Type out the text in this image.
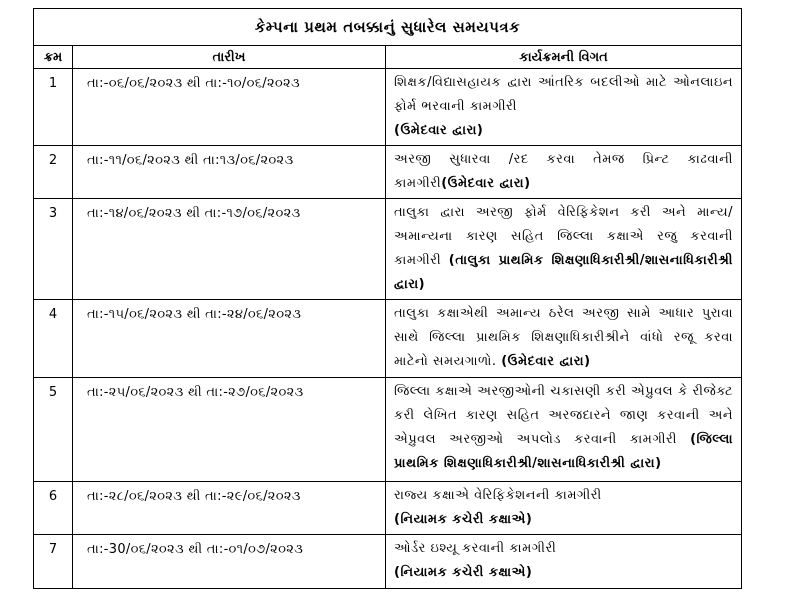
કેમ્પના પ્રથમ તબક્કાનું સુધારેલ સમયપત્રક		
ક્રમ	તારીખ	કાર્યક્રમની વિગત
1	તા:-૦૬/૦૬/૨૦૨૩ થી તા:-૧૦/૦૬/૨૦૨૩	શિક્ષક/વિદ્યાસહાયક દ્વારા આંતરિક બદલીઓ માટે ઓનલાઇન ફોર્મ ભરવાની કામગીરી
(ઉમેદવાર દ્વારા)
2	તા:-૧૧/૦૬/૨૦૨૩ થી તા:૧૩/૦૬/૨૦૨૩	અરજી સુધારવા /રદ કરવા તેમજ પ્રિન્ટ કાઢવાની કામગીરી(ઉમેદવાર દ્વારા)
3	તા:-૧૪/૦૬/૨૦૨૩ થી તા:-૧૭/૦૬/૨૦૨૩	તાલુકા દ્વારા અરજી ફોર્મ વેરિફિકેશન કરી અને માન્ય/અમાન્યના કારણ સહિત જિલ્લા કક્ષાએ રજુ કરવાની કામગીરી (તાલુકા પ્રાથમિક શિક્ષણાધિકારીશ્રી/શાસનાધિકારીશ્રી દ્વારા)
4	તા:-૧૫/૦૬/૨૦૨૩ થી તા:-૨૪/૦૬/૨૦૨૩	તાલુકા કક્ષાએથી અમાન્ય ઠરેલ અરજી સામે આધાર પુરાવા સાથે જિલ્લા પ્રાથમિક શિક્ષણાધિકારીશ્રીને વાંધો રજૂ કરવા માટેનો સમયગાળો. (ઉમેદવાર દ્વારા)
5	તા:-૨૫/૦૬/૨૦૨૩ થી તા:-૨૭/૦૬/૨૦૨૩	જિલ્લા કક્ષાએ અરજીઓની ચકાસણી કરી એપ્રુવલ કે રીજેક્ટ કરી લેખિત કારણ સહિત અરજદારને જાણ કરવાની અને એપ્રુવલ અરજીઓ અપલોડ કરવાની કામગીરી (જિલ્લા પ્રાથમિક શિક્ષણાધિકારીશ્રી/શાસનાધિકારીશ્રી દ્વારા)
6	તા:-૨૮/૦૬/૨૦૨૩ થી તા:-૨૯/૦૬/૨૦૨૩	રાજ્ય કક્ષાએ વેરિફિકેશનની કામગીરી
(નિયામક કચેરી કક્ષાએ)
7	તા:-30/૦૬/૨૦૨૩ થી તા:-૦૧/૦૭/૨૦૨૩	ઓર્ડર ઇશ્યૂ કરવાની કામગીરી
(નિયામક કચેરી કક્ષાએ)
